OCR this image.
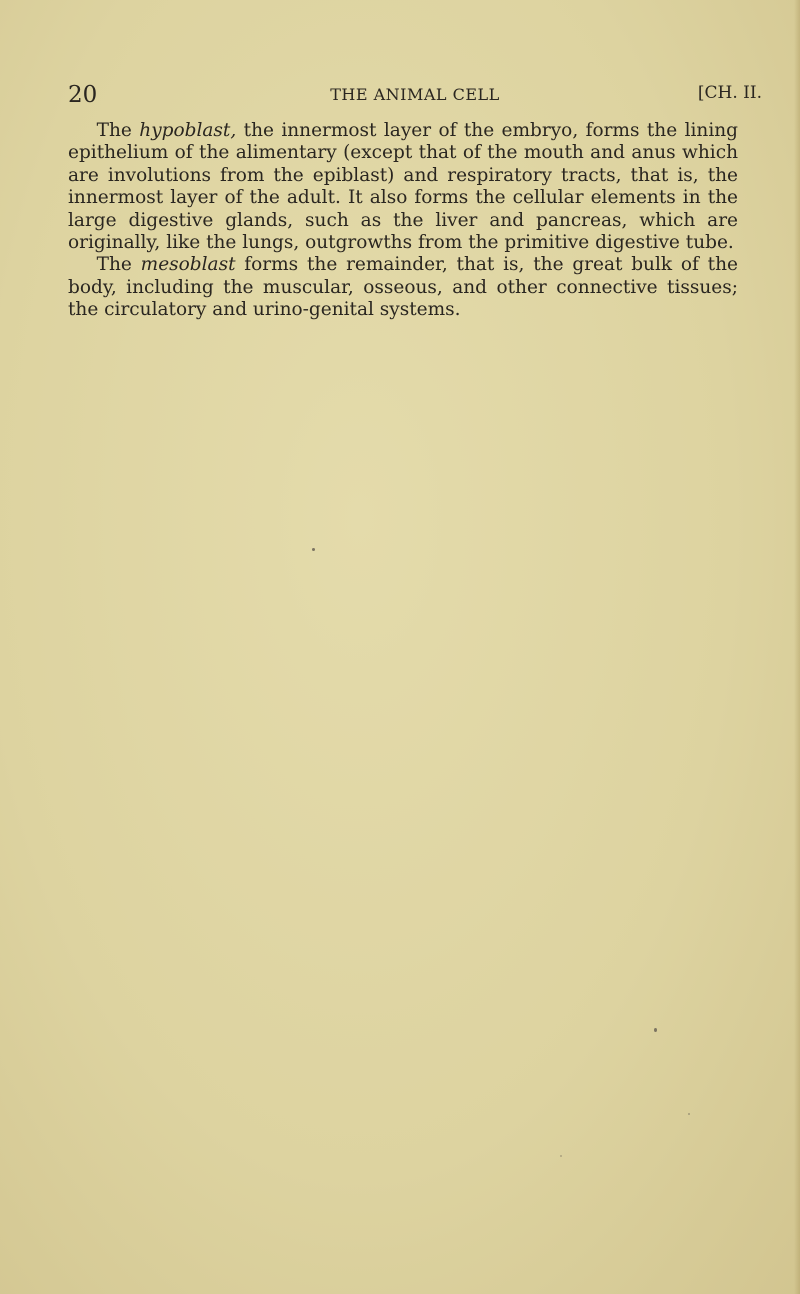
20	THE ANIMAL CELL	[CH. II.

The hypoblast, the innermost layer of the embryo, forms the lining epithelium of the alimentary (except that of the mouth and anus which are involutions from the epiblast) and respiratory tracts, that is, the innermost layer of the adult. It also forms the cellular elements in the large digestive glands, such as the liver and pancreas, which are originally, like the lungs, outgrowths from the primitive digestive tube.

The mesoblast forms the remainder, that is, the great bulk of the body, including the muscular, osseous, and other connective tissues; the circulatory and urino-genital systems.
